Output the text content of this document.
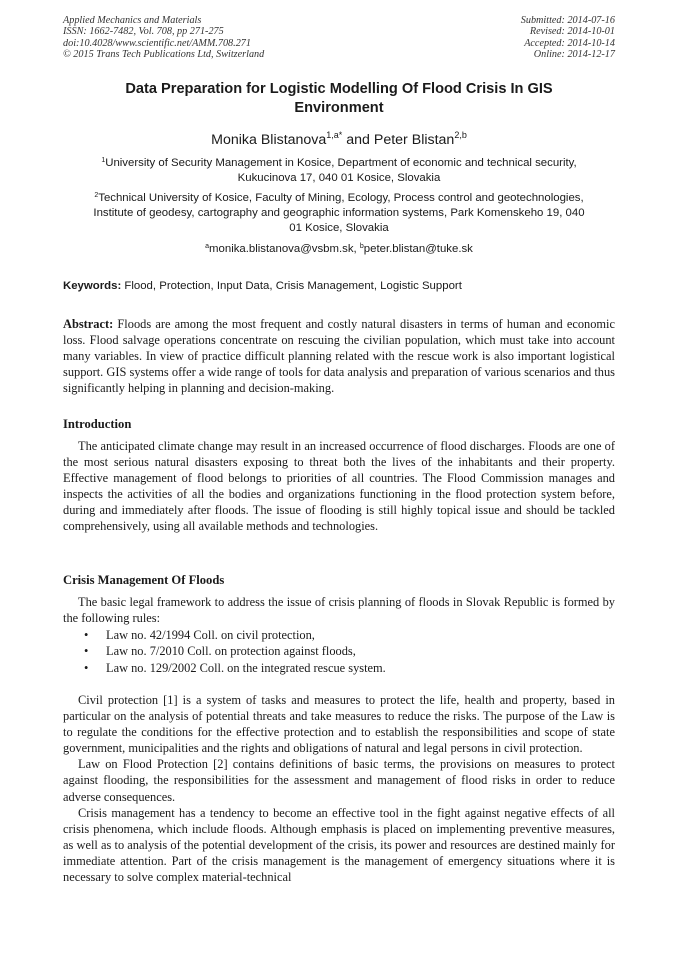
Applied Mechanics and Materials
ISSN: 1662-7482, Vol. 708, pp 271-275
doi:10.4028/www.scientific.net/AMM.708.271
© 2015 Trans Tech Publications Ltd, Switzerland
Submitted: 2014-07-16
Revised: 2014-10-01
Accepted: 2014-10-14
Online: 2014-12-17
Data Preparation for Logistic Modelling Of Flood Crisis In GIS
Environment
Monika Blistanova$^{1,a*}$ and Peter Blistan$^{2,b}$
$^1$University of Security Management in Kosice, Department of economic and technical security,
Kukucinova 17, 040 01 Kosice, Slovakia
$^2$Technical University of Kosice, Faculty of Mining, Ecology, Process control and geotechnologies,
Institute of geodesy, cartography and geographic information systems, Park Komenskeho 19, 040
01 Kosice, Slovakia
$^a$monika.blistanova@vsbm.sk, $^b$peter.blistan@tuke.sk
Keywords: Flood, Protection, Input Data, Crisis Management, Logistic Support
Abstract: Floods are among the most frequent and costly natural disasters in terms of human and economic loss. Flood salvage operations concentrate on rescuing the civilian population, which must take into account many variables. In view of practice difficult planning related with the rescue work is also important logistical support. GIS systems offer a wide range of tools for data analysis and preparation of various scenarios and thus significantly helping in planning and decision-making.
Introduction

The anticipated climate change may result in an increased occurrence of flood discharges. Floods are one of the most serious natural disasters exposing to threat both the lives of the inhabitants and their property. Effective management of flood belongs to priorities of all countries. The Flood Commission manages and inspects the activities of all the bodies and organizations functioning in the flood protection system before, during and immediately after floods. The issue of flooding is still highly topical issue and should be tackled comprehensively, using all available methods and technologies.

Crisis Management Of Floods

The basic legal framework to address the issue of crisis planning of floods in Slovak Republic is formed by the following rules:

•	Law no. 42/1994 Coll. on civil protection,
•	Law no. 7/2010 Coll. on protection against floods,
•	Law no. 129/2002 Coll. on the integrated rescue system.

Civil protection [1] is a system of tasks and measures to protect the life, health and property, based in particular on the analysis of potential threats and take measures to reduce the risks. The purpose of the Law is to regulate the conditions for the effective protection and to establish the responsibilities and scope of state government, municipalities and the rights and obligations of natural and legal persons in civil protection.

Law on Flood Protection [2] contains definitions of basic terms, the provisions on measures to protect against flooding, the responsibilities for the assessment and management of flood risks in order to reduce adverse consequences.

Crisis management has a tendency to become an effective tool in the fight against negative effects of all crisis phenomena, which include floods. Although emphasis is placed on implementing preventive measures, as well as to analysis of the potential development of the crisis, its power and resources are destined mainly for immediate attention. Part of the crisis management is the management of emergency situations where it is necessary to solve complex material-technical
